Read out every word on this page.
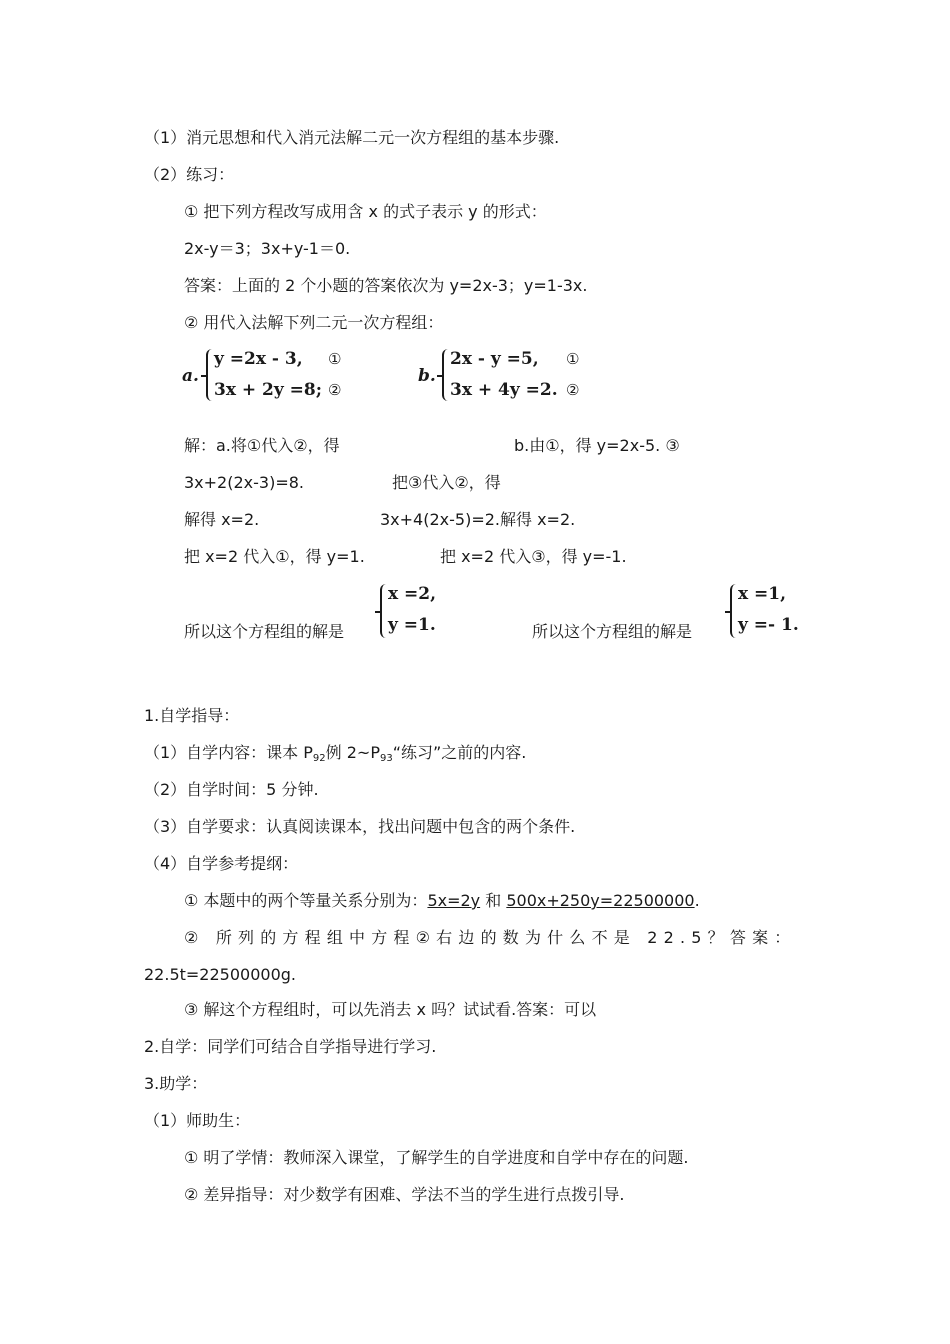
（1）消元思想和代入消元法解二元一次方程组的基本步骤.
（2）练习：
① 把下列方程改写成用含 x 的式子表示 y 的形式：
2x-y＝3；3x+y-1＝0.
答案：上面的 2 个小题的答案依次为 y=2x-3；y=1-3x.
② 用代入法解下列二元一次方程组：
a.
y =2x - 3,
3x + 2y =8;
①
②
b.
2x - y =5,
3x + 4y =2.
①
②
解：a.将①代入②，得	b.由①，得 y=2x-5. ③
3x+2(2x-3)=8.	把③代入②，得
解得 x=2.	3x+4(2x-5)=2.解得 x=2.
把 x=2 代入①，得 y=1.	把 x=2 代入③，得 y=-1.
所以这个方程组的解是
x =2,
y =1.	所以这个方程组的解是
x =1,
y =- 1.
1.自学指导：
（1）自学内容：课本 $P_{92}$例 $2\sim P_{93}“$练习”之前的内容.
（2）自学时间：5 分钟.
（3）自学要求：认真阅读课本，找出问题中包含的两个条件.
（4）自学参考提纲：
① 本题中的两个等量关系分别为：5x=2y 和 500x+250y=22500000.
② 所列的方程组中方程②右边的数为什么不是 22.5？答案：
22.5t=22500000g.
③ 解这个方程组时，可以先消去 x 吗？试试看.答案：可以
2.自学：同学们可结合自学指导进行学习.
3.助学：
（1）师助生：
① 明了学情：教师深入课堂，了解学生的自学进度和自学中存在的问题.
② 差异指导：对少数学有困难、学法不当的学生进行点拨引导.
